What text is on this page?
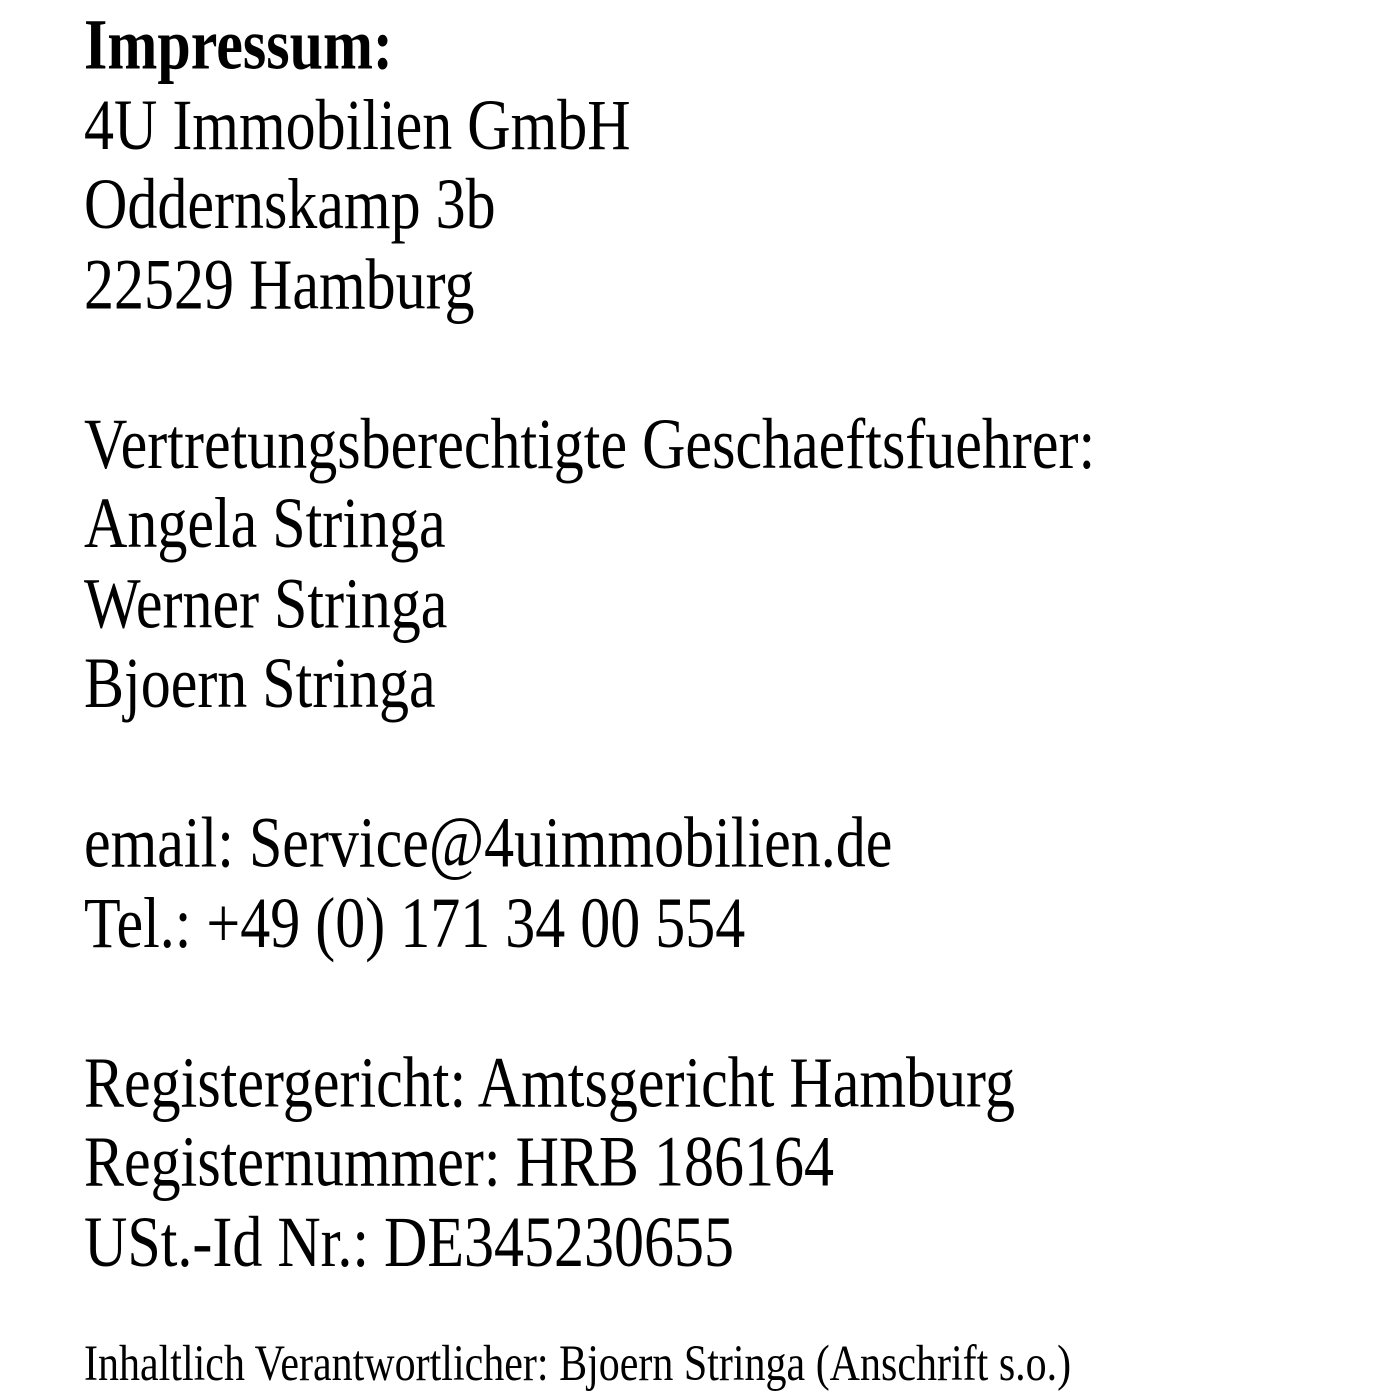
Impressum:
4U Immobilien GmbH
Oddernskamp 3b
22529 Hamburg
Vertretungsberechtigte Geschaeftsfuehrer:
Angela Stringa
Werner Stringa
Bjoern Stringa
email: Service@4uimmobilien.de
Tel.: +49 (0) 171 34 00 554
Registergericht: Amtsgericht Hamburg
Registernummer: HRB 186164
USt.-Id Nr.: DE345230655
Inhaltlich Verantwortlicher: Bjoern Stringa (Anschrift s.o.)
